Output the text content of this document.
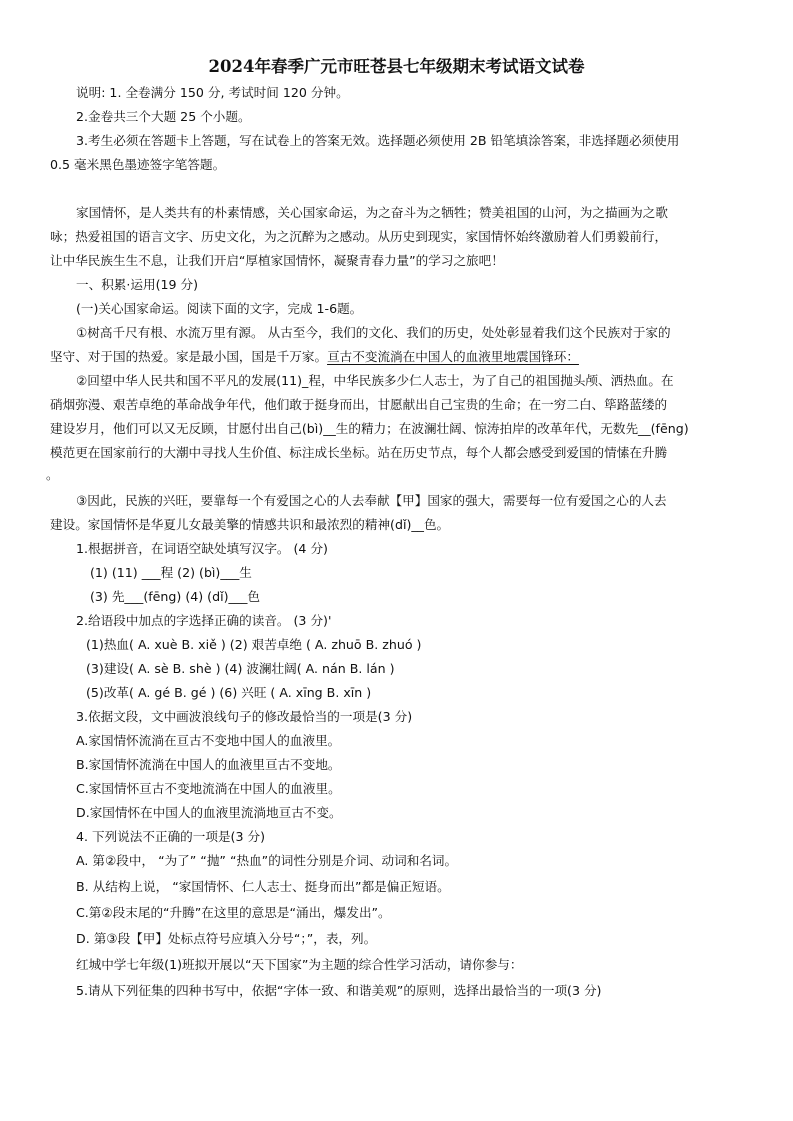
2024年春季广元市旺苍县七年级期末考试语文试卷
说明: 1. 全卷满分 150 分, 考试时间 120 分钟。
2.金卷共三个大题 25 个小题。
3.考生必须在答题卡上答题，写在试卷上的答案无效。选择题必须使用 2B 铅笔填涂答案，非选择题必须使用
0.5 毫米黑色墨迹签字笔答题。
家国情怀，是人类共有的朴素情感，关心国家命运，为之奋斗为之牺牲；赞美祖国的山河，为之描画为之歌
咏；热爱祖国的语言文字、历史文化，为之沉醉为之感动。从历史到现实，家国情怀始终激励着人们勇毅前行，
让中华民族生生不息，让我们开启“厚植家国情怀，凝聚青春力量”的学习之旅吧！
一、积累·运用(19 分)
(一)关心国家命运。阅读下面的文字，完成 1-6题。
①树高千尺有根、水流万里有源。 从古至今，我们的文化、我们的历史，处处彰显着我们这个民族对于家的
坚守、对于国的热爱。家是最小国，国是千万家。亘古不变流淌在中国人的血液里地震国锋环：
②回望中华人民共和国不平凡的发展(11)_程，中华民族多少仁人志士，为了自己的祖国抛头颅、洒热血。在
硝烟弥漫、艰苦卓绝的革命战争年代，他们敢于挺身而出，甘愿献出自己宝贵的生命；在一穷二白、筚路蓝缕的
建设岁月，他们可以又无反顾，甘愿付出自己(bì)__生的精力；在波澜壮阔、惊涛拍岸的改革年代，无数先__(fēng)
模范更在国家前行的大潮中寻找人生价值、标注成长坐标。站在历史节点，每个人都会感受到爱国的情愫在升腾
。
③因此，民族的兴旺，要靠每一个有爱国之心的人去奉献【甲】国家的强大，需要每一位有爱国之心的人去
建设。家国情怀是华夏儿女最美擎的情感共识和最浓烈的精神(dǐ)__色。
1.根据拼音，在词语空缺处填写汉字。 (4 分)
(1) (11) ___程 (2) (bì)___生
(3) 先___(fēng) (4) (dǐ)___色
2.给语段中加点的字选择正确的读音。 (3 分)'
(1)热血( A. xuè B. xiě ) (2) 艰苦卓绝 ( A. zhuō B. zhuó )
(3)建设( A. sè B. shè ) (4) 波澜壮阔( A. nán B. lán )
(5)改革( A. gé B. gé ) (6) 兴旺 ( A. xīng B. xīn )
3.依据文段，文中画波浪线句子的修改最恰当的一项是(3 分)
A.家国情怀流淌在亘古不变地中国人的血液里。
B.家国情怀流淌在中国人的血液里亘古不变地。
C.家国情怀亘古不变地流淌在中国人的血液里。
D.家国情怀在中国人的血液里流淌地亘古不变。
4. 下列说法不正确的一项是(3 分)
A. 第②段中， “为了” “抛” “热血”的词性分别是介词、动词和名词。
B. 从结构上说， “家国情怀、仁人志士、挺身而出”都是偏正短语。
C.第②段末尾的“升腾”在这里的意思是“涌出，爆发出”。
D. 第③段【甲】处标点符号应填入分号“；”，表，列。
红城中学七年级(1)班拟开展以“天下国家”为主题的综合性学习活动，请你参与：
5.请从下列征集的四种书写中，依据“字体一致、和谐美观”的原则，选择出最恰当的一项(3 分)
